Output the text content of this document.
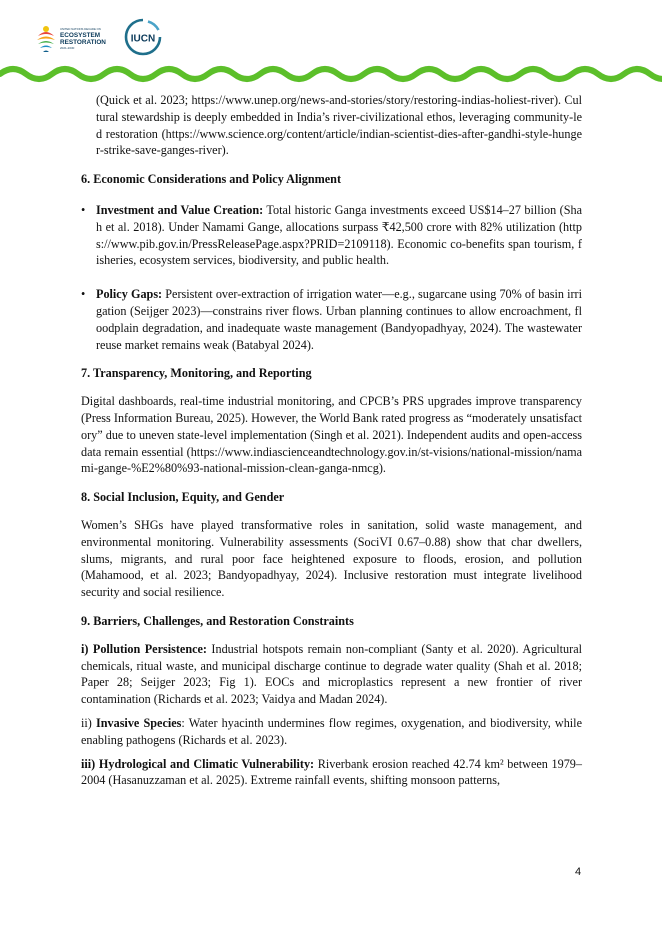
UNITED NATIONS DECADE ON
ECOSYSTEM
RESTORATION
2021-2030
IUCN

(Quick et al. 2023; https://www.unep.org/news-and-stories/story/restoring-indias-holiest-river). Cultural stewardship is deeply embedded in India’s river-civilizational ethos, leveraging community-led restoration (https://www.science.org/content/article/indian-scientist-dies-after-gandhi-style-hunger-strike-save-ganges-river).

6. Economic Considerations and Policy Alignment
• Investment and Value Creation: Total historic Ganga investments exceed US$14–27 billion (Shah et al. 2018). Under Namami Gange, allocations surpass ₹42,500 crore with 82% utilization (https://www.pib.gov.in/PressReleasePage.aspx?PRID=2109118). Economic co-benefits span tourism, fisheries, ecosystem services, biodiversity, and public health.
• Policy Gaps: Persistent over-extraction of irrigation water—e.g., sugarcane using 70% of basin irrigation (Seijger 2023)—constrains river flows. Urban planning continues to allow encroachment, floodplain degradation, and inadequate waste management (Bandyopadhyay, 2024). The wastewater reuse market remains weak (Batabyal 2024).
7. Transparency, Monitoring, and Reporting

Digital dashboards, real-time industrial monitoring, and CPCB’s PRS upgrades improve transparency (Press Information Bureau, 2025). However, the World Bank rated progress as “moderately unsatisfactory” due to uneven state-level implementation (Singh et al. 2021). Independent audits and open-access data remain essential (https://www.indiascienceandtechnology.gov.in/st-visions/national-mission/namami-gange-%E2%80%93-national-mission-clean-ganga-nmcg).

8. Social Inclusion, Equity, and Gender

Women’s SHGs have played transformative roles in sanitation, solid waste management, and environmental monitoring. Vulnerability assessments (SociVI 0.67–0.88) show that char dwellers, slums, migrants, and rural poor face heightened exposure to floods, erosion, and pollution (Mahamood, et al. 2023; Bandyopadhyay, 2024). Inclusive restoration must integrate livelihood security and social resilience.

9. Barriers, Challenges, and Restoration Constraints

i) Pollution Persistence: Industrial hotspots remain non-compliant (Santy et al. 2020). Agricultural chemicals, ritual waste, and municipal discharge continue to degrade water quality (Shah et al. 2018; Paper 28; Seijger 2023; Fig 1). EOCs and microplastics represent a new frontier of river contamination (Richards et al. 2023; Vaidya and Madan 2024).

ii) Invasive Species: Water hyacinth undermines flow regimes, oxygenation, and biodiversity, while enabling pathogens (Richards et al. 2023).

iii) Hydrological and Climatic Vulnerability: Riverbank erosion reached 42.74 km² between 1979–2004 (Hasanuzzaman et al. 2025). Extreme rainfall events, shifting monsoon patterns,

4
